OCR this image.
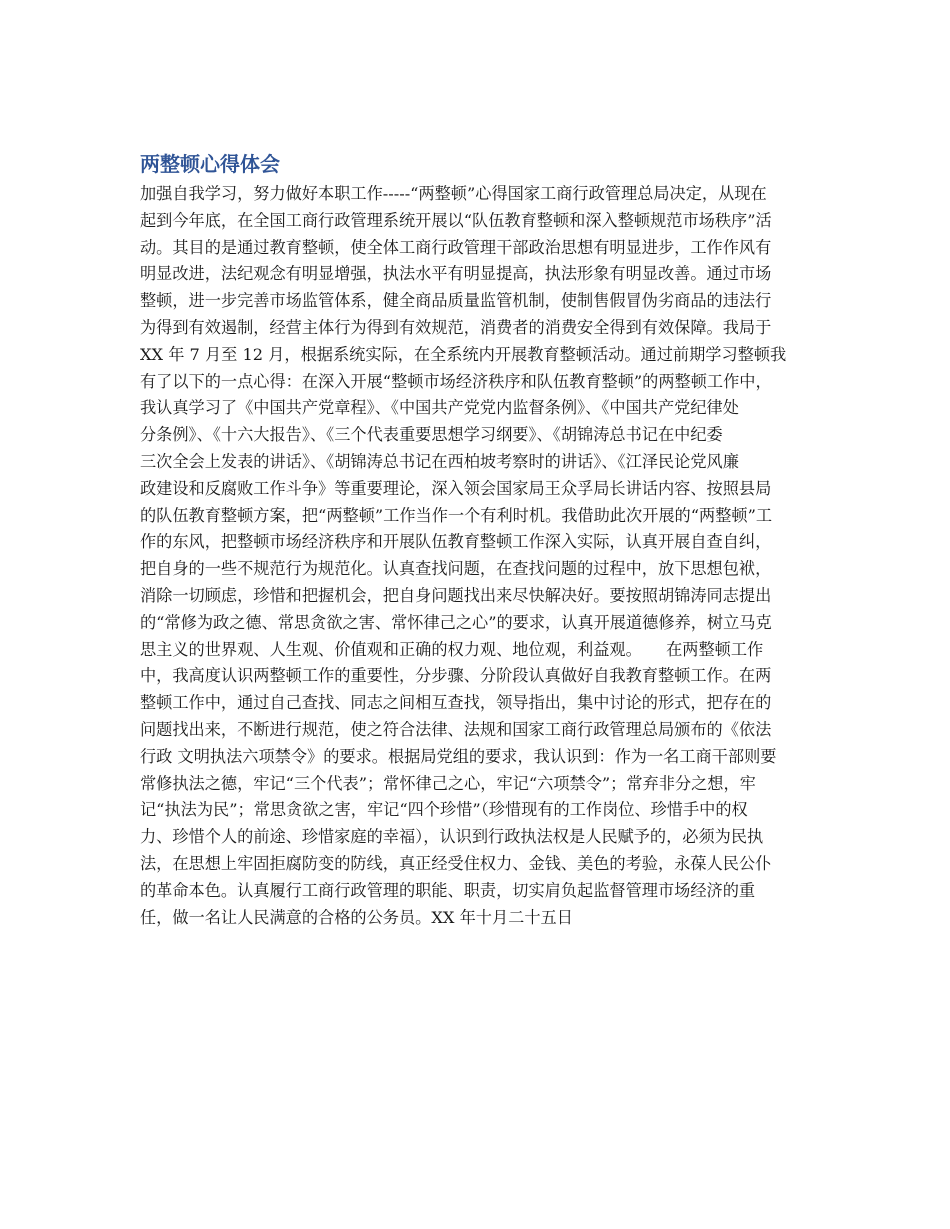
两整顿心得体会
加强自我学习，努力做好本职工作-----“两整顿”心得国家工商行政管理总局决定，从现在
起到今年底，在全国工商行政管理系统开展以“队伍教育整顿和深入整顿规范市场秩序”活
动。其目的是通过教育整顿，使全体工商行政管理干部政治思想有明显进步，工作作风有
明显改进，法纪观念有明显增强，执法水平有明显提高，执法形象有明显改善。通过市场
整顿，进一步完善市场监管体系，健全商品质量监管机制，使制售假冒伪劣商品的违法行
为得到有效遏制，经营主体行为得到有效规范，消费者的消费安全得到有效保障。我局于
XX 年 7 月至 12 月，根据系统实际，在全系统内开展教育整顿活动。通过前期学习整顿我
有了以下的一点心得：在深入开展“整顿市场经济秩序和队伍教育整顿”的两整顿工作中，
我认真学习了《中国共产党章程》、《中国共产党党内监督条例》、《中国共产党纪律处
分条例》、《十六大报告》、《三个代表重要思想学习纲要》、《胡锦涛总书记在中纪委
三次全会上发表的讲话》、《胡锦涛总书记在西柏坡考察时的讲话》、《江泽民论党风廉
政建设和反腐败工作斗争》等重要理论，深入领会国家局王众孚局长讲话内容、按照县局
的队伍教育整顿方案，把“两整顿”工作当作一个有利时机。我借助此次开展的“两整顿”工
作的东风，把整顿市场经济秩序和开展队伍教育整顿工作深入实际，认真开展自查自纠，
把自身的一些不规范行为规范化。认真查找问题，在查找问题的过程中，放下思想包袱，
消除一切顾虑，珍惜和把握机会，把自身问题找出来尽快解决好。要按照胡锦涛同志提出
的“常修为政之德、常思贪欲之害、常怀律己之心”的要求，认真开展道德修养，树立马克
思主义的世界观、人生观、价值观和正确的权力观、地位观，利益观。　　在两整顿工作
中，我高度认识两整顿工作的重要性，分步骤、分阶段认真做好自我教育整顿工作。在两
整顿工作中，通过自己查找、同志之间相互查找，领导指出，集中讨论的形式，把存在的
问题找出来，不断进行规范，使之符合法律、法规和国家工商行政管理总局颁布的《依法
行政 文明执法六项禁令》的要求。根据局党组的要求，我认识到：作为一名工商干部则要
常修执法之德，牢记“三个代表”；常怀律己之心，牢记“六项禁令”；常弃非分之想，牢
记“执法为民”；常思贪欲之害，牢记“四个珍惜”（珍惜现有的工作岗位、珍惜手中的权
力、珍惜个人的前途、珍惜家庭的幸福），认识到行政执法权是人民赋予的，必须为民执
法，在思想上牢固拒腐防变的防线，真正经受住权力、金钱、美色的考验，永葆人民公仆
的革命本色。认真履行工商行政管理的职能、职责，切实肩负起监督管理市场经济的重
任，做一名让人民满意的合格的公务员。XX 年十月二十五日
